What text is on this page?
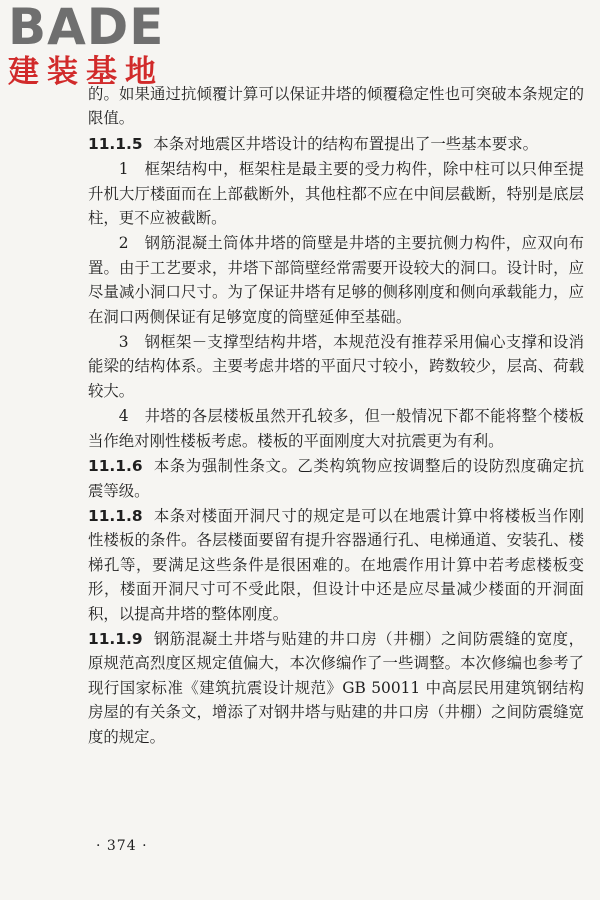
BADE
建装基地

的。如果通过抗倾覆计算可以保证井塔的倾覆稳定性也可突破本条规定的限值。

11.1.5 本条对地震区井塔设计的结构布置提出了一些基本要求。

1　框架结构中，框架柱是最主要的受力构件，除中柱可以只伸至提升机大厅楼面而在上部截断外，其他柱都不应在中间层截断，特别是底层柱，更不应被截断。

2　钢筋混凝土筒体井塔的筒壁是井塔的主要抗侧力构件，应双向布置。由于工艺要求，井塔下部筒壁经常需要开设较大的洞口。设计时，应尽量减小洞口尺寸。为了保证井塔有足够的侧移刚度和侧向承载能力，应在洞口两侧保证有足够宽度的筒壁延伸至基础。

3　钢框架－支撑型结构井塔，本规范没有推荐采用偏心支撑和设消能梁的结构体系。主要考虑井塔的平面尺寸较小，跨数较少，层高、荷载较大。

4　井塔的各层楼板虽然开孔较多，但一般情况下都不能将整个楼板当作绝对刚性楼板考虑。楼板的平面刚度大对抗震更为有利。

11.1.6 本条为强制性条文。乙类构筑物应按调整后的设防烈度确定抗震等级。

11.1.8 本条对楼面开洞尺寸的规定是可以在地震计算中将楼板当作刚性楼板的条件。各层楼面要留有提升容器通行孔、电梯通道、安装孔、楼梯孔等，要满足这些条件是很困难的。在地震作用计算中若考虑楼板变形，楼面开洞尺寸可不受此限，但设计中还是应尽量减少楼面的开洞面积，以提高井塔的整体刚度。

11.1.9 钢筋混凝土井塔与贴建的井口房（井棚）之间防震缝的宽度，原规范高烈度区规定值偏大，本次修编作了一些调整。本次修编也参考了现行国家标准《建筑抗震设计规范》GB 50011 中高层民用建筑钢结构房屋的有关条文，增添了对钢井塔与贴建的井口房（井棚）之间防震缝宽度的规定。

· 374 ·
